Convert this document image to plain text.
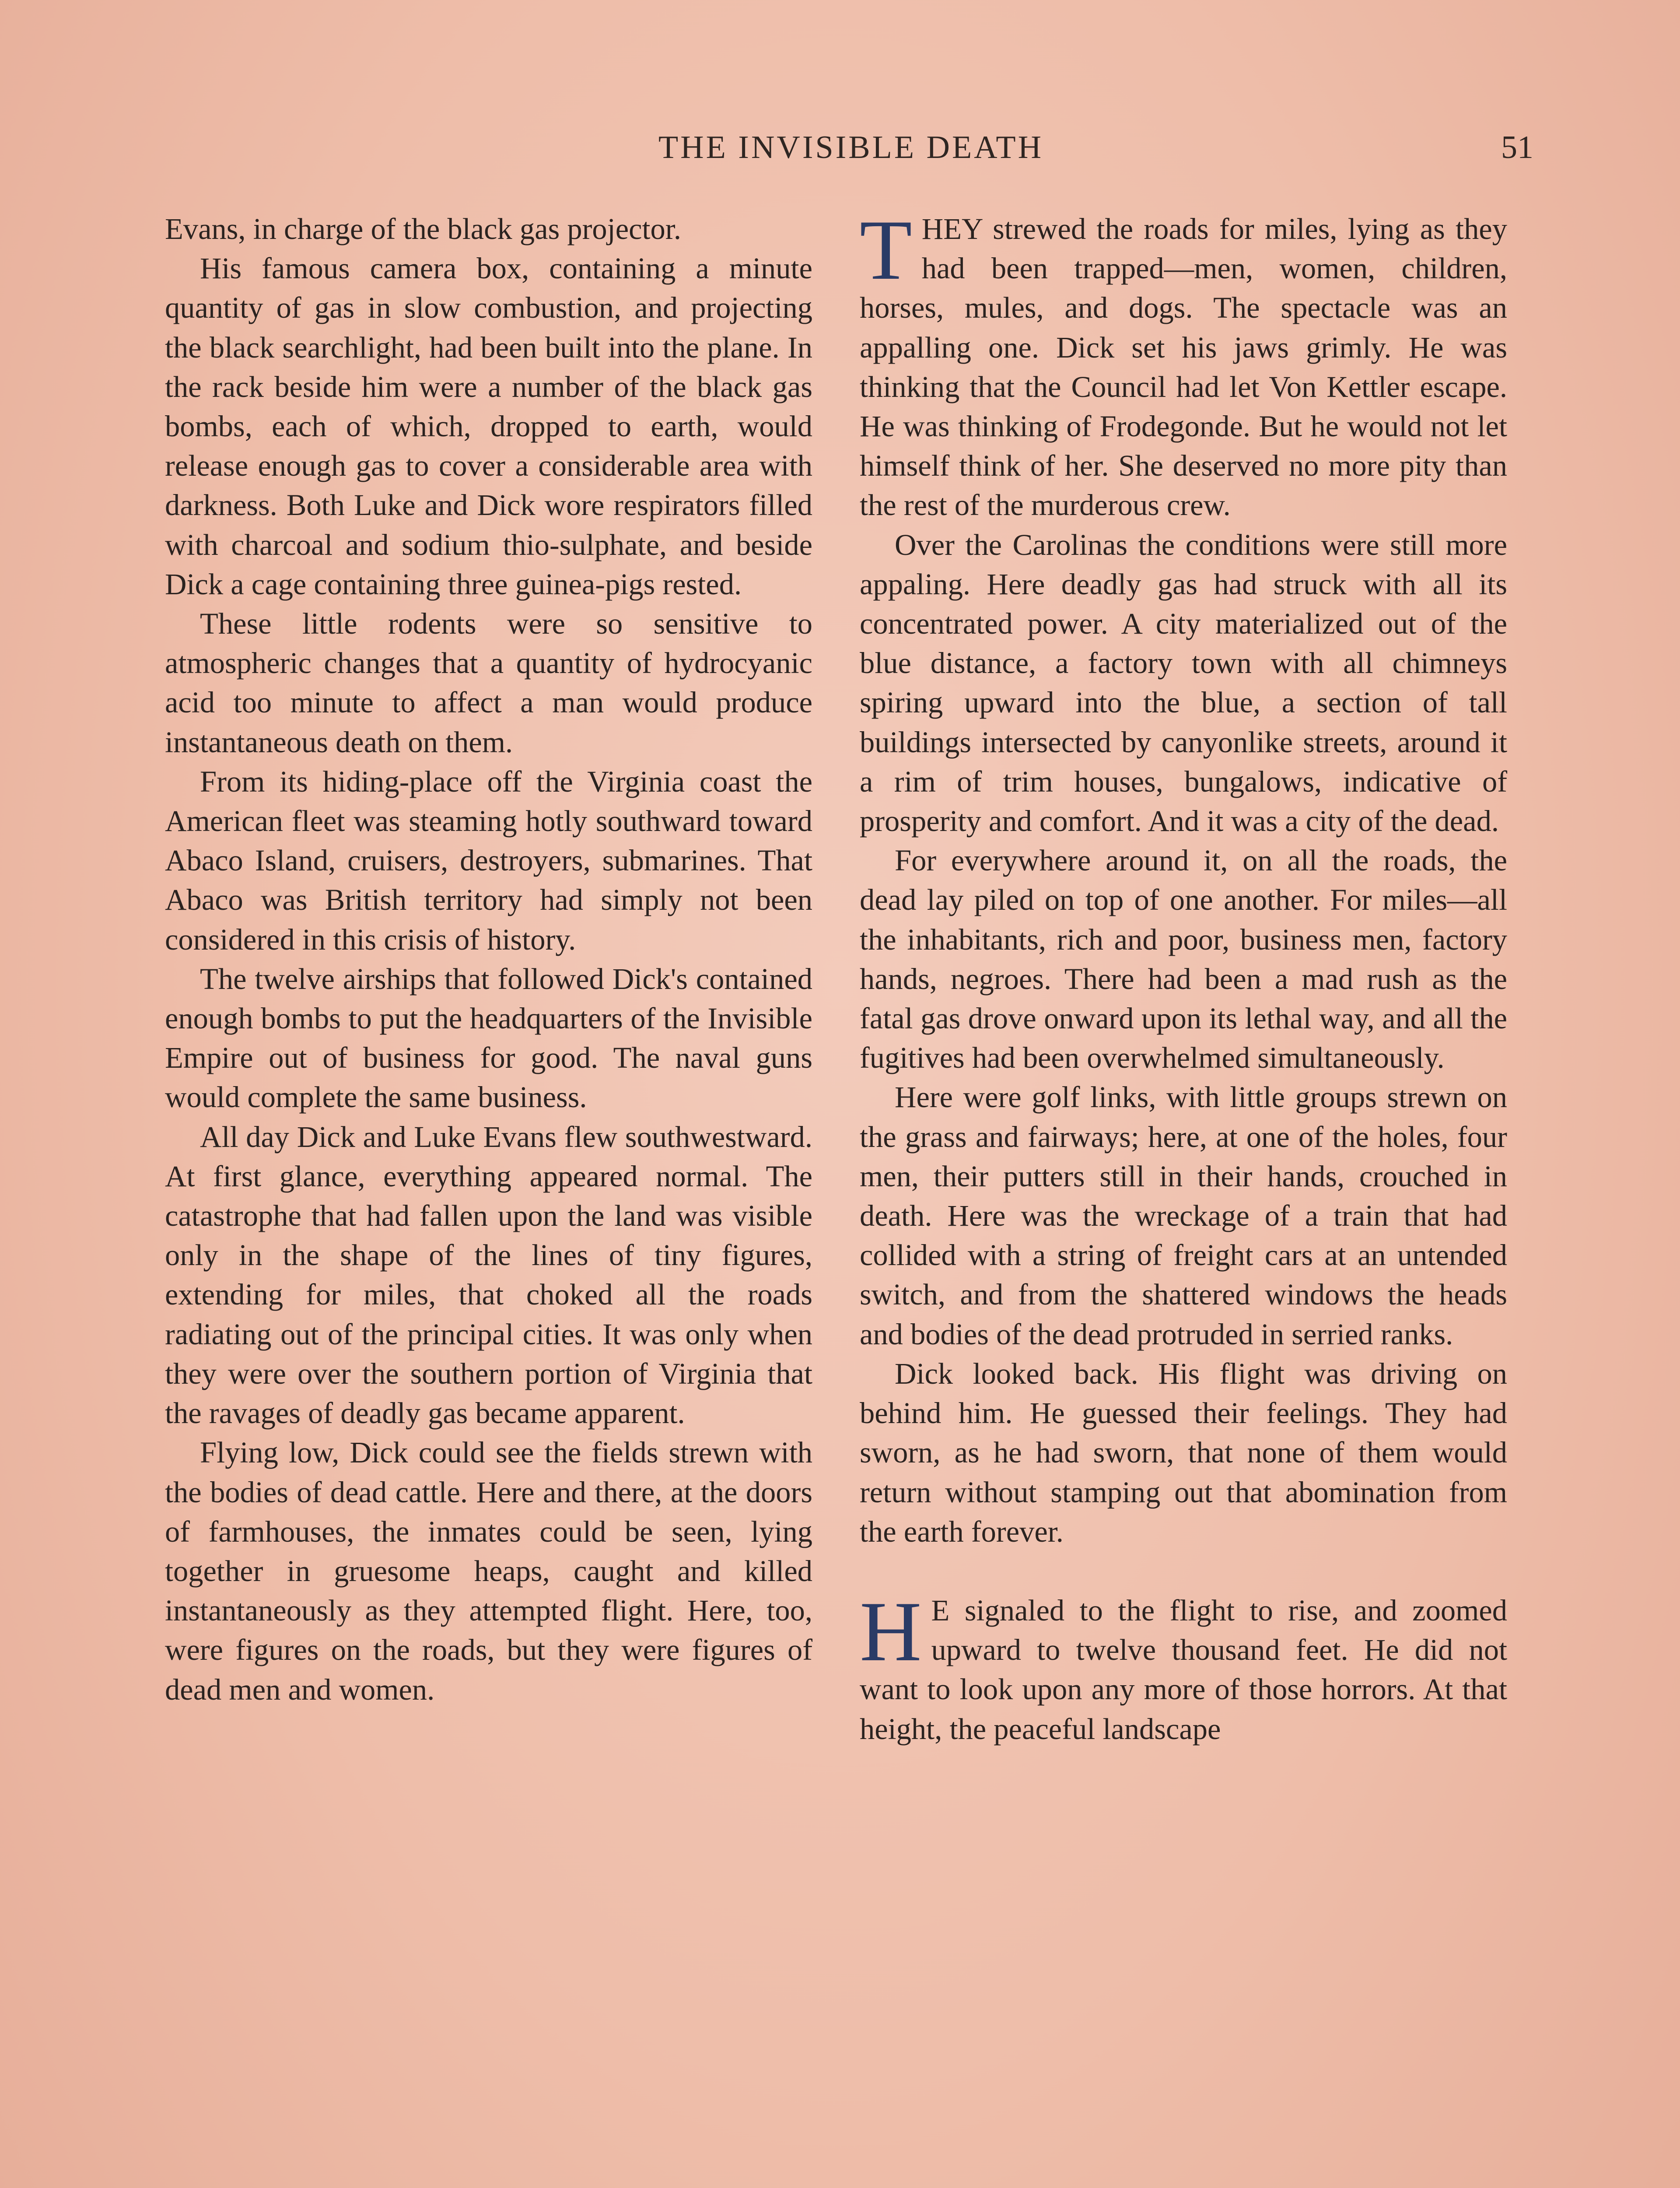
THE INVISIBLE DEATH	51

Evans, in charge of the black gas projector.

His famous camera box, containing a minute quantity of gas in slow combustion, and projecting the black searchlight, had been built into the plane. In the rack beside him were a number of the black gas bombs, each of which, dropped to earth, would release enough gas to cover a considerable area with darkness. Both Luke and Dick wore respirators filled with charcoal and sodium thio-sulphate, and beside Dick a cage containing three guinea-pigs rested.

These little rodents were so sensitive to atmospheric changes that a quantity of hydrocyanic acid too minute to affect a man would produce instantaneous death on them.

From its hiding-place off the Virginia coast the American fleet was steaming hotly southward toward Abaco Island, cruisers, destroyers, submarines. That Abaco was British territory had simply not been considered in this crisis of history.

The twelve airships that followed Dick's contained enough bombs to put the headquarters of the Invisible Empire out of business for good. The naval guns would complete the same business.

All day Dick and Luke Evans flew southwestward. At first glance, everything appeared normal. The catastrophe that had fallen upon the land was visible only in the shape of the lines of tiny figures, extending for miles, that choked all the roads radiating out of the principal cities. It was only when they were over the southern portion of Virginia that the ravages of deadly gas became apparent.

Flying low, Dick could see the fields strewn with the bodies of dead cattle. Here and there, at the doors of farmhouses, the inmates could be seen, lying together in gruesome heaps, caught and killed instantaneously as they attempted flight. Here, too, were figures on the roads, but they were figures of dead men and women.

THEY strewed the roads for miles, lying as they had been trapped—men, women, children, horses, mules, and dogs. The spectacle was an appalling one. Dick set his jaws grimly. He was thinking that the Council had let Von Kettler escape. He was thinking of Frodegonde. But he would not let himself think of her. She deserved no more pity than the rest of the murderous crew.

Over the Carolinas the conditions were still more appaling. Here deadly gas had struck with all its concentrated power. A city materialized out of the blue distance, a factory town with all chimneys spiring upward into the blue, a section of tall buildings intersected by canyonlike streets, around it a rim of trim houses, bungalows, indicative of prosperity and comfort. And it was a city of the dead.

For everywhere around it, on all the roads, the dead lay piled on top of one another. For miles—all the inhabitants, rich and poor, business men, factory hands, negroes. There had been a mad rush as the fatal gas drove onward upon its lethal way, and all the fugitives had been overwhelmed simultaneously.

Here were golf links, with little groups strewn on the grass and fairways; here, at one of the holes, four men, their putters still in their hands, crouched in death. Here was the wreckage of a train that had collided with a string of freight cars at an untended switch, and from the shattered windows the heads and bodies of the dead protruded in serried ranks.

Dick looked back. His flight was driving on behind him. He guessed their feelings. They had sworn, as he had sworn, that none of them would return without stamping out that abomination from the earth forever.

H E signaled to the flight to rise, and zoomed upward to twelve thousand feet. He did not want to look upon any more of those horrors. At that height, the peaceful landscape
